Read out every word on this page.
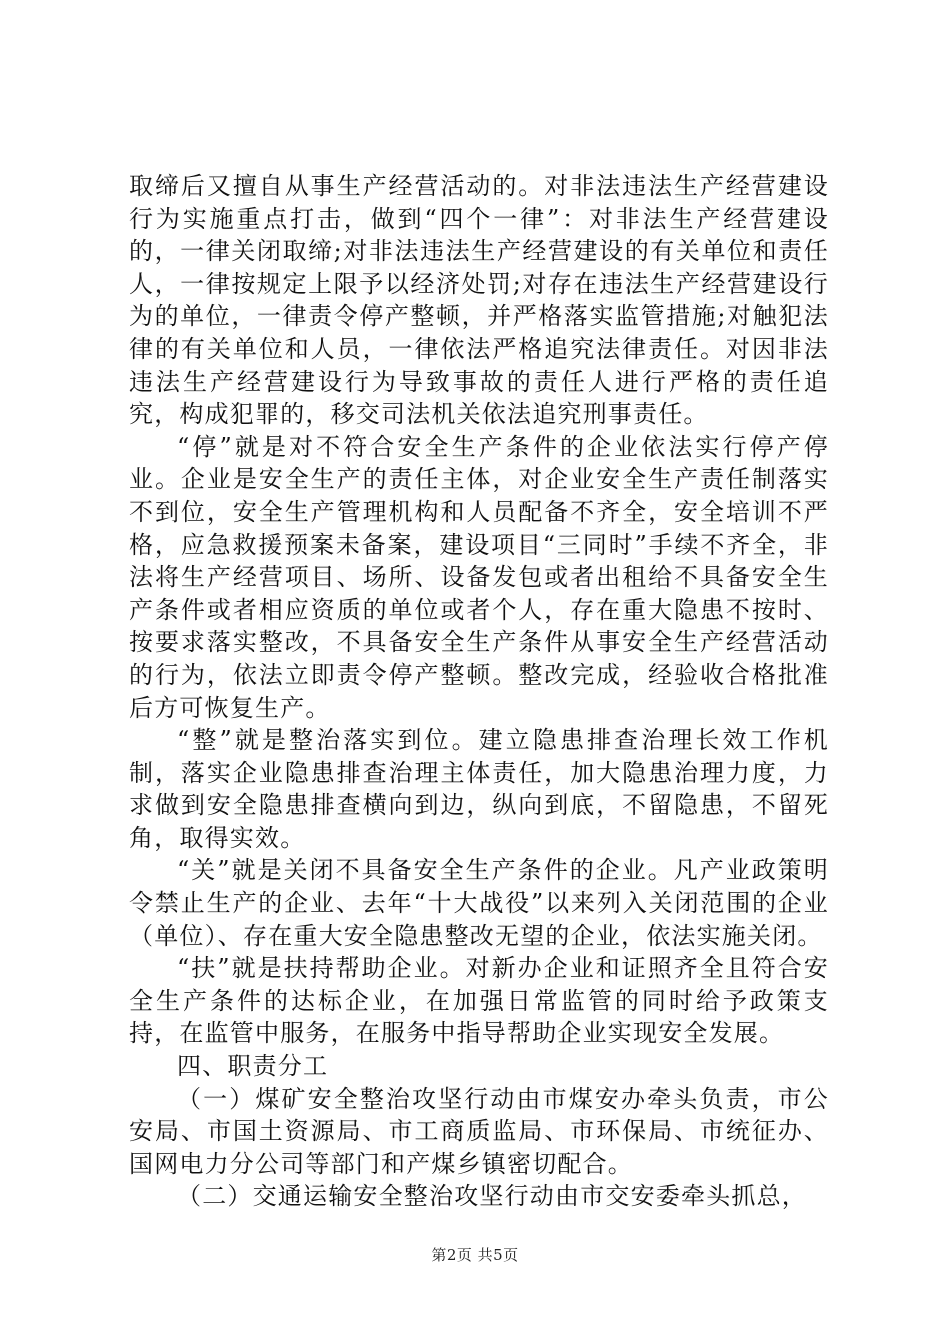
取缔后又擅自从事生产经营活动的。对非法违法生产经营建设行为实施重点打击，做到“四个一律”：对非法生产经营建设的，一律关闭取缔;对非法违法生产经营建设的有关单位和责任人，一律按规定上限予以经济处罚;对存在违法生产经营建设行为的单位，一律责令停产整顿，并严格落实监管措施;对触犯法律的有关单位和人员，一律依法严格追究法律责任。对因非法违法生产经营建设行为导致事故的责任人进行严格的责任追究，构成犯罪的，移交司法机关依法追究刑事责任。

“停”就是对不符合安全生产条件的企业依法实行停产停业。企业是安全生产的责任主体，对企业安全生产责任制落实不到位，安全生产管理机构和人员配备不齐全，安全培训不严格，应急救援预案未备案，建设项目“三同时”手续不齐全，非法将生产经营项目、场所、设备发包或者出租给不具备安全生产条件或者相应资质的单位或者个人，存在重大隐患不按时、按要求落实整改，不具备安全生产条件从事安全生产经营活动的行为，依法立即责令停产整顿。整改完成，经验收合格批准后方可恢复生产。

“整”就是整治落实到位。建立隐患排查治理长效工作机制，落实企业隐患排查治理主体责任，加大隐患治理力度，力求做到安全隐患排查横向到边，纵向到底，不留隐患，不留死角，取得实效。

“关”就是关闭不具备安全生产条件的企业。凡产业政策明令禁止生产的企业、去年“十大战役”以来列入关闭范围的企业（单位）、存在重大安全隐患整改无望的企业，依法实施关闭。

“扶”就是扶持帮助企业。对新办企业和证照齐全且符合安全生产条件的达标企业，在加强日常监管的同时给予政策支持，在监管中服务，在服务中指导帮助企业实现安全发展。

四、职责分工

（一）煤矿安全整治攻坚行动由市煤安办牵头负责，市公安局、市国土资源局、市工商质监局、市环保局、市统征办、国网电力分公司等部门和产煤乡镇密切配合。

（二）交通运输安全整治攻坚行动由市交安委牵头抓总，

第2页 共5页
